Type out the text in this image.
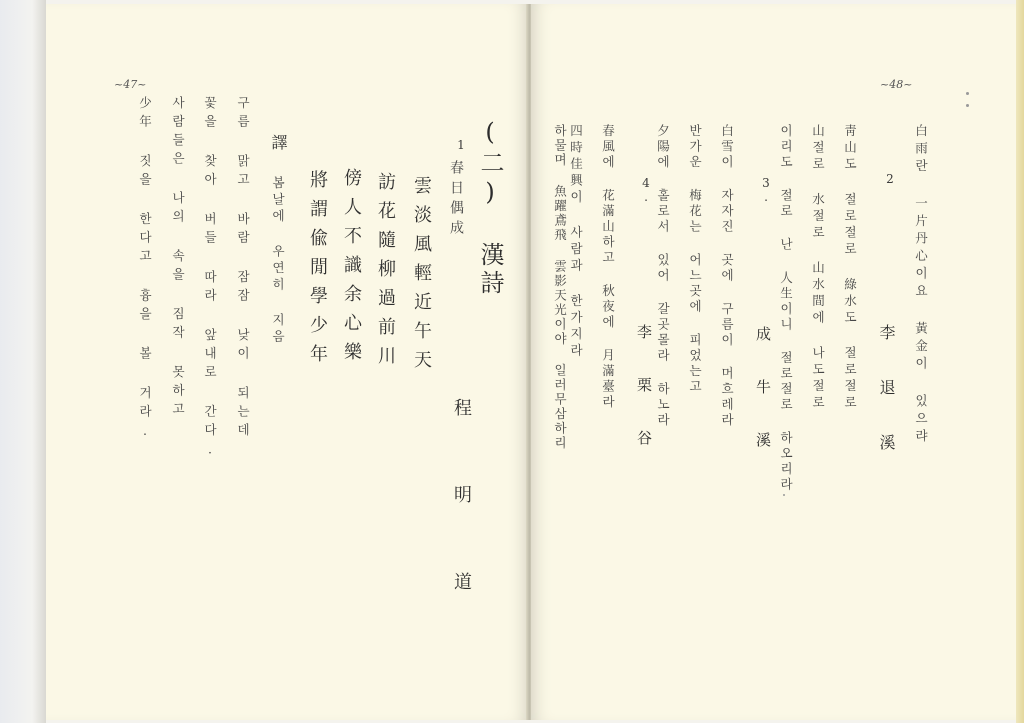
~47~
(二) 漢詩
1.
春日偶成
程 明 道
雲淡風輕近午天
訪花隨柳過前川
傍人不識余心樂
將謂偸閒學少年
譯
봄날에 우연히 지음
구름 맑고 바람 잠잠 낮이 되는데
꽃을 찾아 버들 따라 앞내로 간다.
사람들은 나의 속을 짐작 못하고
少年 짓을 한다고 흉을 볼 거라.
~48~
白雨란 一片丹心이요 黃金이 있으랴
2
李 退 溪
靑山도 절로절로 綠水도 절로절로
山절로 水절로 山水間에 나도절로
이리도 절로 난 人生이니 절로절로 하오리라
3.
成 牛 溪
白雪이 자자진 곳에 구름이 머흐레라
반가운 梅花는 어느곳에 피었는고
夕陽에 홀로서 있어 갈곳몰라 하노라
4.
李 栗 谷
春風에 花滿山하고 秋夜에 月滿臺라
四時佳興이 사람과 한가지라
하물며 魚躍鳶飛 雲影天光이야 일러무삼하리
